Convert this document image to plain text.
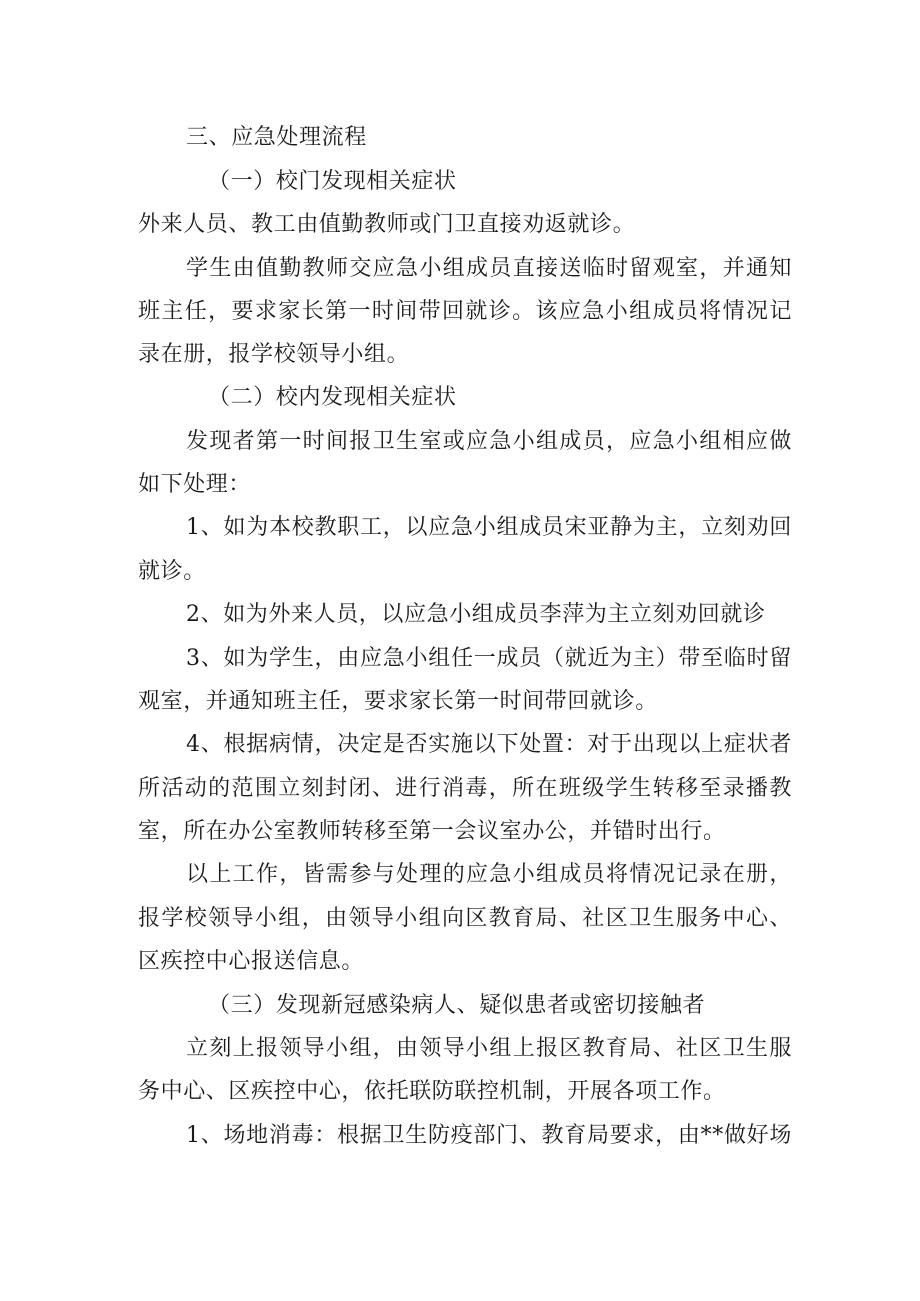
三、应急处理流程
（一）校门发现相关症状
外来人员、教工由值勤教师或门卫直接劝返就诊。
学生由值勤教师交应急小组成员直接送临时留观室，并通知
班主任，要求家长第一时间带回就诊。该应急小组成员将情况记
录在册，报学校领导小组。
（二）校内发现相关症状
发现者第一时间报卫生室或应急小组成员，应急小组相应做
如下处理：
1、如为本校教职工，以应急小组成员宋亚静为主，立刻劝回
就诊。
2、如为外来人员，以应急小组成员李萍为主立刻劝回就诊
3、如为学生，由应急小组任一成员（就近为主）带至临时留
观室，并通知班主任，要求家长第一时间带回就诊。
4、根据病情，决定是否实施以下处置：对于出现以上症状者
所活动的范围立刻封闭、进行消毒，所在班级学生转移至录播教
室，所在办公室教师转移至第一会议室办公，并错时出行。
以上工作，皆需参与处理的应急小组成员将情况记录在册，
报学校领导小组，由领导小组向区教育局、社区卫生服务中心、
区疾控中心报送信息。
（三）发现新冠感染病人、疑似患者或密切接触者
立刻上报领导小组，由领导小组上报区教育局、社区卫生服
务中心、区疾控中心，依托联防联控机制，开展各项工作。
1、场地消毒：根据卫生防疫部门、教育局要求，由**做好场
